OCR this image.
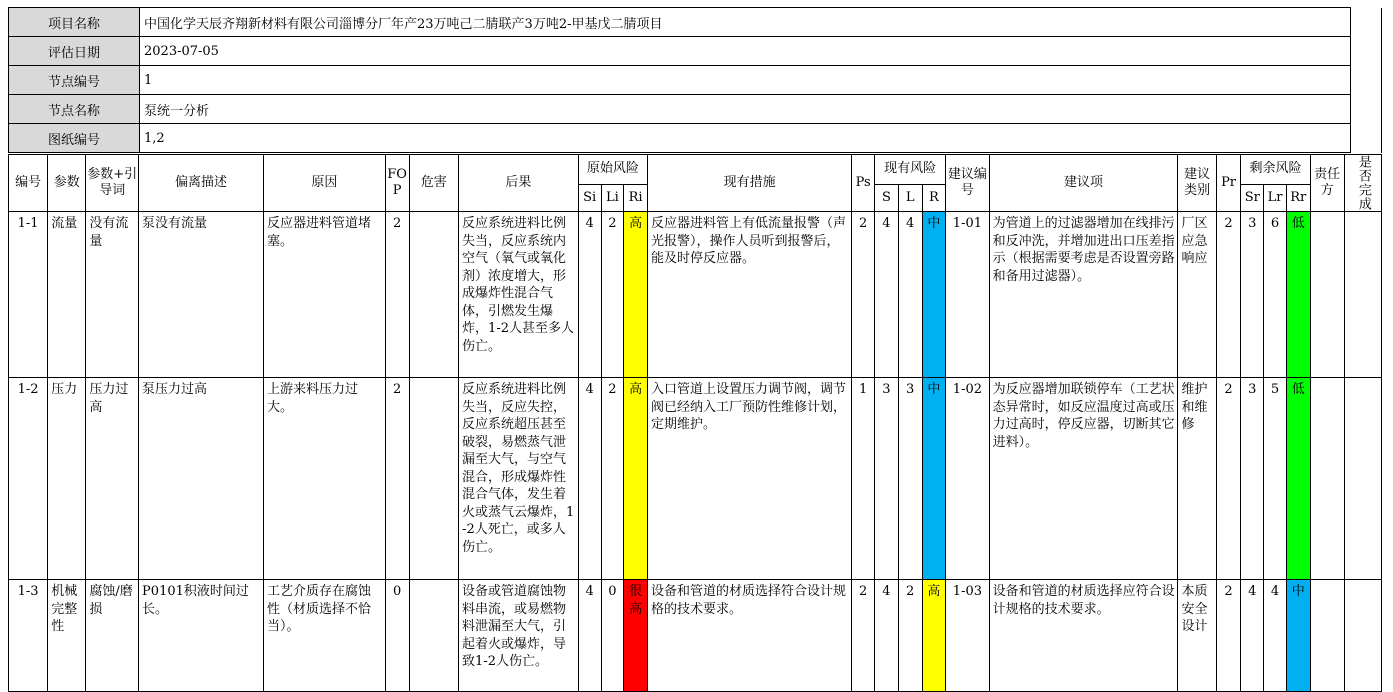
项目名称	中国化学天辰齐翔新材料有限公司淄博分厂年产23万吨己二腈联产3万吨2-甲基戊二腈项目	
评估日期	2023-07-05	
节点编号	1	
节点名称	泵统一分析	
图纸编号	1,2	
编号	参数	参数+引导词	偏离描述	原因	FOP	危害	后果	原始风险			现有措施	Ps	现有风险			建议编号	建议项	建议类别	Pr	剩余风险			责任方	是否完成

								Si	Li	Ri			S	L	R					Sr	Lr	Rr		
1-1	流量	没有流量	泵没有流量	反应器进料管道堵塞。	2		反应系统进料比例失当，反应系统内空气（氧气或氧化剂）浓度增大，形成爆炸性混合气体，引燃发生爆炸，1-2人甚至多人伤亡。	4	2	高	反应器进料管上有低流量报警（声光报警），操作人员听到报警后，能及时停反应器。	2	4	4	中	1-01	为管道上的过滤器增加在线排污和反冲洗，并增加进出口压差指示（根据需要考虑是否设置旁路和备用过滤器）。	厂区应急响应	2	3	6	低		
1-2	压力	压力过高	泵压力过高	上游来料压力过大。	2		反应系统进料比例失当，反应失控，反应系统超压甚至破裂，易燃蒸气泄漏至大气，与空气混合，形成爆炸性混合气体，发生着火或蒸气云爆炸，1-2人死亡，或多人伤亡。	4	2	高	入口管道上设置压力调节阀，调节阀已经纳入工厂预防性维修计划，定期维护。	1	3	3	中	1-02	为反应器增加联锁停车（工艺状态异常时，如反应温度过高或压力过高时，停反应器，切断其它进料）。	维护和维修	2	3	5	低		
1-3	机械完整性	腐蚀/磨损	P0101积液时间过长。	工艺介质存在腐蚀性（材质选择不恰当）。	0		设备或管道腐蚀物料串流，或易燃物料泄漏至大气，引起着火或爆炸，导致1-2人伤亡。	4	0	很高	设备和管道的材质选择符合设计规格的技术要求。	2	4	2	高	1-03	设备和管道的材质选择应符合设计规格的技术要求。	本质安全设计	2	4	4	中		
